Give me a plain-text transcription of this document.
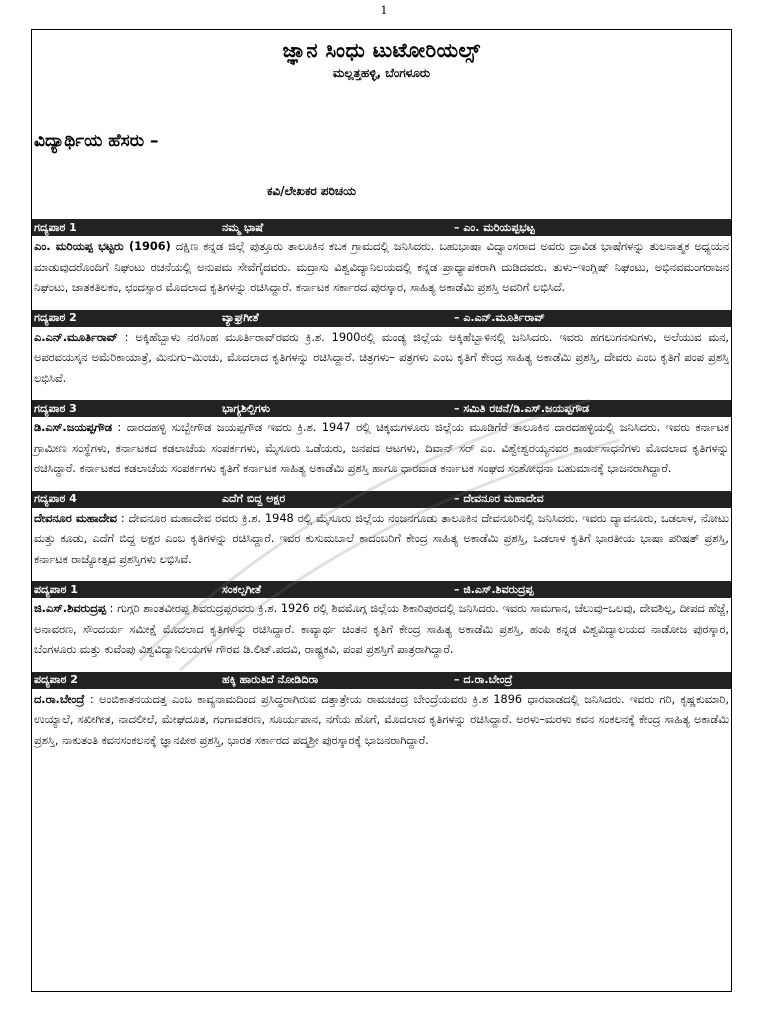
1
ಜ್ಞಾನ ಸಿಂಧು ಟುಟೋರಿಯಲ್ಸ್
ಮಲ್ಲತ್ತಹಳ್ಳಿ, ಬೆಂಗಳೂರು
ವಿದ್ಯಾರ್ಥಿಯ ಹೆಸರು –
ಕವಿ/ಲೇಖಕರ ಪರಿಚಯ
ಗದ್ಯಪಾಠ 1	ನಮ್ಮ ಭಾಷೆ	– ಎಂ. ಮರಿಯಪ್ಪಭಟ್ಟ
ಎಂ. ಮರಿಯಪ್ಪ ಭಟ್ಟರು (1906) ದಕ್ಷಿಣ ಕನ್ನಡ ಜಿಲ್ಲೆ ಪುತ್ತೂರು ತಾಲೂಕಿನ ಕಬಕ ಗ್ರಾಮದಲ್ಲಿ ಜನಿಸಿದರು. ಬಹುಭಾಷಾ ವಿದ್ವಾಂಸರಾದ ಅವರು ದ್ರಾವಿಡ ಭಾಷೆಗಳನ್ನು ತುಲನಾತ್ಮಕ ಅಧ್ಯಯನ ಮಾಡುವುದರೊಂದಿಗೆ ನಿಘಂಟು ರಚನೆಯಲ್ಲಿ ಅನುಪಮ ಸೇವೆಗೈದವರು. ಮದ್ರಾಸು ವಿಶ್ವವಿದ್ಯಾನಿಲಯದಲ್ಲಿ ಕನ್ನಡ ಪ್ರಾಧ್ಯಾಪಕರಾಗಿ ದುಡಿದವರು. ತುಳು–ಇಂಗ್ಲಿಷ್ ನಿಘಂಟು, ಅಭಿನವಮಂಗರಾಜನ ನಿಘಂಟು, ಜಾತಕತಿಲಕಂ, ಛಂದಸ್ಸಾರ ಮೊದಲಾದ ಕೃತಿಗಳನ್ನು ರಚಿಸಿದ್ದಾರೆ. ಕರ್ನಾಟಕ ಸರ್ಕಾರದ ಪುರಸ್ಕಾರ, ಸಾಹಿತ್ಯ ಅಕಾಡೆಮಿ ಪ್ರಶಸ್ತಿ ಅವರಿಗೆ ಲಭಿಸಿದೆ.
ಗದ್ಯಪಾಠ 2	ವ್ಯಾಘ್ರಗೀತೆ	– ಎ.ಎನ್.ಮೂರ್ತಿರಾವ್
ಎ.ಎನ್.ಮೂರ್ತಿರಾವ್ : ಅಕ್ಕಿಹೆಬ್ಬಾಳು ನರಸಿಂಹ ಮೂರ್ತಿರಾವ್‌ರವರು ಕ್ರಿ.ಶ. 1900ರಲ್ಲಿ ಮಂಡ್ಯ ಜಿಲ್ಲೆಯ ಅಕ್ಕಿಹೆಬ್ಬಾಳಿನಲ್ಲಿ ಜನಿಸಿದರು. ಇವರು ಹಗಲುಗನಸುಗಳು, ಅಲೆಯುವ ಮನ, ಅಪರವಯಸ್ಕನ ಅಮೆರಿಕಾಯಾತ್ರೆ, ಮಿನುಗು–ಮಿಂಚು, ಮೊದಲಾದ ಕೃತಿಗಳನ್ನು ರಚಿಸಿದ್ದಾರೆ. ಚಿತ್ರಗಳು– ಪತ್ರಗಳು ಎಂಬ ಕೃತಿಗೆ ಕೇಂದ್ರ ಸಾಹಿತ್ಯ ಅಕಾಡೆಮಿ ಪ್ರಶಸ್ತಿ, ದೇವರು ಎಂಬ ಕೃತಿಗೆ ಪಂಪ ಪ್ರಶಸ್ತಿ ಲಭಿಸಿವೆ.
ಗದ್ಯಪಾಠ 3	ಭಾಗ್ಯಶಿಲ್ಪಿಗಳು	– ಸಮಿತಿ ರಚನೆ/ಡಿ.ಎಸ್.ಜಯಪ್ಪಗೌಡ
ಡಿ.ಎಸ್.ಜಯಪ್ಪಗೌಡ : ದಾರದಹಳ್ಳಿ ಸುಬ್ಬೇಗೌಡ ಜಯಪ್ಪಗೌಡ ಇವರು ಕ್ರಿ.ಶ. 1947 ರಲ್ಲಿ ಚಿಕ್ಕಮಗಳೂರು ಜಿಲ್ಲೆಯ ಮೂಡಿಗೆರೆ ತಾಲೂಕಿನ ದಾರದಹಳ್ಳಿಯಲ್ಲಿ ಜನಿಸಿದರು. ಇವರು ಕರ್ನಾಟಕ ಗ್ರಾಮೀಣ ಸಂಸ್ಥೆಗಳು, ಕರ್ನಾಟಕದ ಕಡಲಾಚೆಯ ಸಂಪರ್ಕಗಳು, ಮೈಸೂರು ಒಡೆಯರು, ಜನಪದ ಆಟಗಳು, ದಿವಾನ್ ಸರ್ ಎಂ. ವಿಶ್ವೇಶ್ವರಯ್ಯನವರ ಕಾರ್ಯಸಾಧನೆಗಳು ಮೊದಲಾದ ಕೃತಿಗಳನ್ನು ರಚಿಸಿದ್ದಾರೆ. ಕರ್ನಾಟಕದ ಕಡಲಾಚೆಯ ಸಂಪರ್ಕಗಳು ಕೃತಿಗೆ ಕರ್ನಾಟಕ ಸಾಹಿತ್ಯ ಅಕಾಡೆಮಿ ಪ್ರಶಸ್ತಿ ಹಾಗೂ ಧಾರವಾಡ ಕರ್ನಾಟಕ ಸಂಘದ ಸಂಶೋಧನಾ ಬಹುಮಾನಕ್ಕೆ ಭಾಜನರಾಗಿದ್ದಾರೆ.
ಗದ್ಯಪಾಠ 4	ಎದೆಗೆ ಬಿದ್ದ ಅಕ್ಷರ	– ದೇವನೂರ ಮಹಾದೇವ
ದೇವನೂರ ಮಹಾದೇವ : ದೇವನೂರ ಮಹಾದೇವ ರವರು ಕ್ರಿ.ಶ. 1948 ರಲ್ಲಿ ಮೈಸೂರು ಜಿಲ್ಲೆಯ ನಂಜನಗೂಡು ತಾಲೂಕಿನ ದೇವನೂರಿನಲ್ಲಿ ಜನಿಸಿದರು. ಇವರು ದ್ಯಾವನೂರು, ಒಡಲಾಳ, ನೋಟು ಮತ್ತು ಕೂಡು, ಎದೆಗೆ ಬಿದ್ದ ಅಕ್ಷರ ಎಂಬ ಕೃತಿಗಳನ್ನು ರಚಿಸಿದ್ದಾರೆ. ಇವರ ಕುಸುಮಬಾಲೆ ಕಾದಂಬರಿಗೆ ಕೇಂದ್ರ ಸಾಹಿತ್ಯ ಅಕಾಡೆಮಿ ಪ್ರಶಸ್ತಿ, ಒಡಲಾಳ ಕೃತಿಗೆ ಭಾರತೀಯ ಭಾಷಾ ಪರಿಷತ್ ಪ್ರಶಸ್ತಿ, ಕರ್ನಾಟಕ ರಾಜ್ಯೋತ್ಸವ ಪ್ರಶಸ್ತಿಗಳು ಲಭಿಸಿವೆ.
ಪದ್ಯಪಾಠ 1	ಸಂಕಲ್ಪಗೀತೆ	– ಜಿ.ಎಸ್.ಶಿವರುದ್ರಪ್ಪ
ಜಿ.ಎಸ್.ಶಿವರುದ್ರಪ್ಪ : ಗುಗ್ಗರಿ ಶಾಂತವೀರಪ್ಪ ಶಿವರುದ್ರಪ್ಪರವರು ಕ್ರಿ.ಶ. 1926 ರಲ್ಲಿ ಶಿವಮೊಗ್ಗ ಜಿಲ್ಲೆಯ ಶಿಕಾರಿಪುರದಲ್ಲಿ ಜನಿಸಿದರು. ಇವರು ಸಾಮಗಾನ, ಚೆಲುವು–ಒಲವು, ದೇವಶಿಲ್ಪ, ದೀಪದ ಹೆಜ್ಜೆ, ಅನಾವರಣ, ಸೌಂದರ್ಯ ಸಮೀಕ್ಷೆ ಮೊದಲಾದ ಕೃತಿಗಳನ್ನು ರಚಿಸಿದ್ದಾರೆ. ಕಾವ್ಯಾರ್ಥ ಚಿಂತನ ಕೃತಿಗೆ ಕೇಂದ್ರ ಸಾಹಿತ್ಯ ಅಕಾಡೆಮಿ ಪ್ರಶಸ್ತಿ, ಹಂಪಿ ಕನ್ನಡ ವಿಶ್ವವಿದ್ಯಾಲಯದ ನಾಡೋಜ ಪುರಸ್ಕಾರ, ಬೆಂಗಳೂರು ಮತ್ತು ಕುವೆಂಪು ವಿಶ್ವವಿದ್ಯಾನಿಲಯಗಳ ಗೌರವ ಡಿ.ಲಿಟ್.ಪದವಿ, ರಾಷ್ಟ್ರಕವಿ, ಪಂಪ ಪ್ರಶಸ್ತಿಗೆ ಪಾತ್ರರಾಗಿದ್ದಾರೆ.
ಪದ್ಯಪಾಠ 2	ಹಕ್ಕಿ ಹಾರುತಿದೆ ನೋಡಿದಿರಾ	– ದ.ರಾ.ಬೇಂದ್ರೆ
ದ.ರಾ.ಬೇಂದ್ರೆ : ಅಂಬಿಕಾತನಯದತ್ತ ಎಂಬ ಕಾವ್ಯನಾಮದಿಂದ ಪ್ರಸಿದ್ಧರಾಗಿರುವ ದತ್ತಾತ್ರೇಯ ರಾಮಚಂದ್ರ ಬೇಂದ್ರೆಯವರು ಕ್ರಿ.ಶ 1896 ಧಾರವಾಡದಲ್ಲಿ ಜನಿಸಿದರು. ಇವರು ಗರಿ, ಕೃಷ್ಣಕುಮಾರಿ, ಉಯ್ಯಾಲೆ, ಸಖೀಗೀತ, ನಾದಲೀಲೆ, ಮೇಘದೂತ, ಗಂಗಾವತರಣ, ಸೂರ್ಯಪಾನ, ನಗೆಯ ಹೊಗೆ, ಮೊದಲಾದ ಕೃತಿಗಳನ್ನು ರಚಿಸಿದ್ದಾರೆ. ಅರಳು–ಮರಳು ಕವನ ಸಂಕಲನಕ್ಕೆ ಕೇಂದ್ರ ಸಾಹಿತ್ಯ ಅಕಾಡೆಮಿ ಪ್ರಶಸ್ತಿ, ನಾಕುತಂತಿ ಕವನಸಂಕಲನಕ್ಕೆ ಜ್ಞಾನಪೀಠ ಪ್ರಶಸ್ತಿ, ಭಾರತ ಸರ್ಕಾರದ ಪದ್ಮಶ್ರೀ ಪುರಸ್ಕಾರಕ್ಕೆ ಭಾಜನರಾಗಿದ್ದಾರೆ.
